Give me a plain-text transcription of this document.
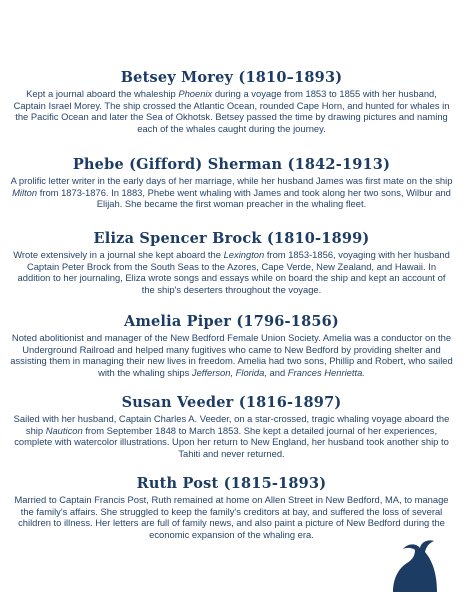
Betsey Morey (1810–1893)
Kept a journal aboard the whaleship Phoenix during a voyage from 1853 to 1855 with her husband, Captain Israel Morey. The ship crossed the Atlantic Ocean, rounded Cape Horn, and hunted for whales in the Pacific Ocean and later the Sea of Okhotsk. Betsey passed the time by drawing pictures and naming each of the whales caught during the journey.
Phebe (Gifford) Sherman (1842-1913)
A prolific letter writer in the early days of her marriage, while her husband James was first mate on the ship Milton from 1873-1876. In 1883, Phebe went whaling with James and took along her two sons, Wilbur and Elijah. She became the first woman preacher in the whaling fleet.
Eliza Spencer Brock (1810-1899)
Wrote extensively in a journal she kept aboard the Lexington from 1853-1856, voyaging with her husband Captain Peter Brock from the South Seas to the Azores, Cape Verde, New Zealand, and Hawaii. In addition to her journaling, Eliza wrote songs and essays while on board the ship and kept an account of the ship's deserters throughout the voyage.
Amelia Piper (1796-1856)
Noted abolitionist and manager of the New Bedford Female Union Society. Amelia was a conductor on the Underground Railroad and helped many fugitives who came to New Bedford by providing shelter and assisting them in managing their new lives in freedom. Amelia had two sons, Phillip and Robert, who sailed with the whaling ships Jefferson, Florida, and Frances Henrietta.
Susan Veeder (1816-1897)
Sailed with her husband, Captain Charles A. Veeder, on a star-crossed, tragic whaling voyage aboard the ship Nauticon from September 1848 to March 1853. She kept a detailed journal of her experiences, complete with watercolor illustrations. Upon her return to New England, her husband took another ship to Tahiti and never returned.
Ruth Post (1815-1893)
Married to Captain Francis Post, Ruth remained at home on Allen Street in New Bedford, MA, to manage the family's affairs. She struggled to keep the family's creditors at bay, and suffered the loss of several children to illness. Her letters are full of family news, and also paint a picture of New Bedford during the economic expansion of the whaling era.
